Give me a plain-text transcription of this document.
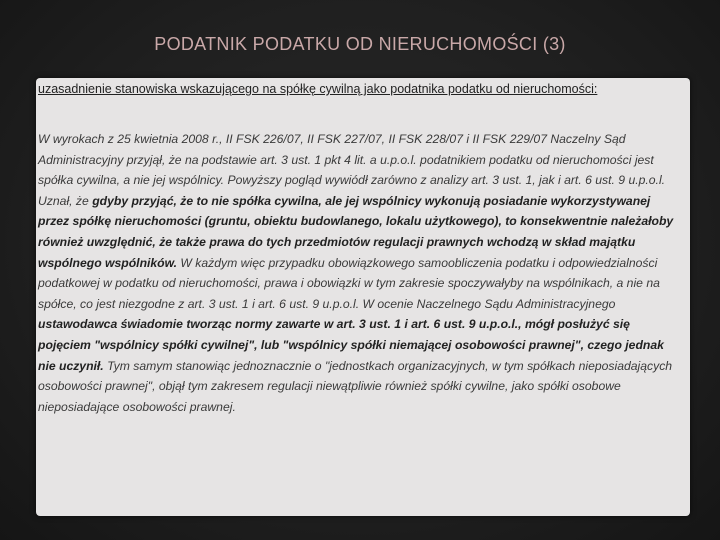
PODATNIK PODATKU OD NIERUCHOMOŚCI (3)
uzasadnienie stanowiska wskazującego na spółkę cywilną jako podatnika podatku od nieruchomości:
W wyrokach z 25 kwietnia 2008 r., II FSK 226/07, II FSK 227/07, II FSK 228/07 i II FSK 229/07 Naczelny Sąd Administracyjny przyjął, że na podstawie art. 3 ust. 1 pkt 4 lit. a u.p.o.l. podatnikiem podatku od nieruchomości jest spółka cywilna, a nie jej wspólnicy. Powyższy pogląd wywiódł zarówno z analizy art. 3 ust. 1, jak i art. 6 ust. 9 u.p.o.l. Uznał, że gdyby przyjąć, że to nie spółka cywilna, ale jej wspólnicy wykonują posiadanie wykorzystywanej przez spółkę nieruchomości (gruntu, obiektu budowlanego, lokalu użytkowego), to konsekwentnie należałoby również uwzględnić, że także prawa do tych przedmiotów regulacji prawnych wchodzą w skład majątku wspólnego wspólników. W każdym więc przypadku obowiązkowego samoobliczenia podatku i odpowiedzialności podatkowej w podatku od nieruchomości, prawa i obowiązki w tym zakresie spoczywałyby na wspólnikach, a nie na spółce, co jest niezgodne z art. 3 ust. 1 i art. 6 ust. 9 u.p.o.l. W ocenie Naczelnego Sądu Administracyjnego ustawodawca świadomie tworząc normy zawarte w art. 3 ust. 1 i art. 6 ust. 9 u.p.o.l., mógł posłużyć się pojęciem "wspólnicy spółki cywilnej", lub "wspólnicy spółki niemającej osobowości prawnej", czego jednak nie uczynił. Tym samym stanowiąc jednoznacznie o "jednostkach organizacyjnych, w tym spółkach nieposiadających osobowości prawnej", objął tym zakresem regulacji niewątpliwie również spółki cywilne, jako spółki osobowe nieposiadające osobowości prawnej.
